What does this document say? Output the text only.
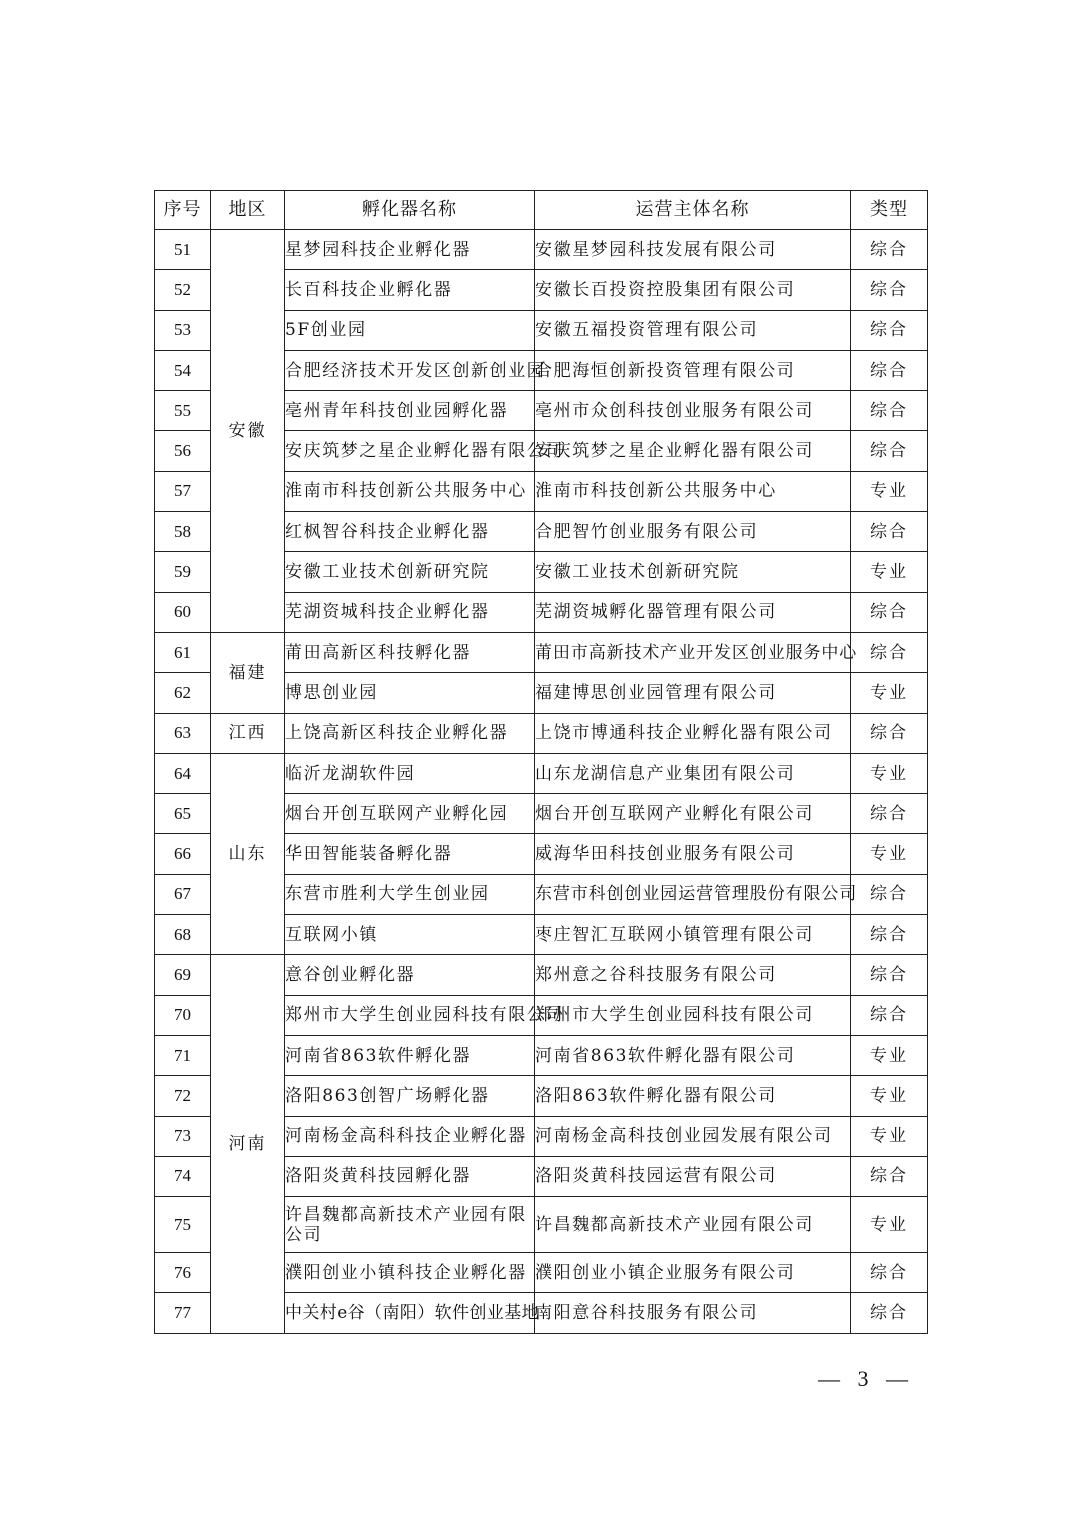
序号	地区	孵化器名称	运营主体名称	类型
51	安徽	星梦园科技企业孵化器	安徽星梦园科技发展有限公司	综合
52		长百科技企业孵化器	安徽长百投资控股集团有限公司	综合
53		5F创业园	安徽五福投资管理有限公司	综合
54		合肥经济技术开发区创新创业园	合肥海恒创新投资管理有限公司	综合
55		亳州青年科技创业园孵化器	亳州市众创科技创业服务有限公司	综合
56		安庆筑梦之星企业孵化器有限公司	安庆筑梦之星企业孵化器有限公司	综合
57		淮南市科技创新公共服务中心	淮南市科技创新公共服务中心	专业
58		红枫智谷科技企业孵化器	合肥智竹创业服务有限公司	综合
59		安徽工业技术创新研究院	安徽工业技术创新研究院	专业
60		芜湖资城科技企业孵化器	芜湖资城孵化器管理有限公司	综合
61	福建	莆田高新区科技孵化器	莆田市高新技术产业开发区创业服务中心	综合
62		博思创业园	福建博思创业园管理有限公司	专业
63	江西	上饶高新区科技企业孵化器	上饶市博通科技企业孵化器有限公司	综合
64	山东	临沂龙湖软件园	山东龙湖信息产业集团有限公司	专业
65		烟台开创互联网产业孵化园	烟台开创互联网产业孵化有限公司	综合
66		华田智能装备孵化器	威海华田科技创业服务有限公司	专业
67		东营市胜利大学生创业园	东营市科创创业园运营管理股份有限公司	综合
68		互联网小镇	枣庄智汇互联网小镇管理有限公司	综合
69	河南	意谷创业孵化器	郑州意之谷科技服务有限公司	综合
70		郑州市大学生创业园科技有限公司	郑州市大学生创业园科技有限公司	综合
71		河南省863软件孵化器	河南省863软件孵化器有限公司	专业
72		洛阳863创智广场孵化器	洛阳863软件孵化器有限公司	专业
73		河南杨金高科科技企业孵化器	河南杨金高科技创业园发展有限公司	专业
74		洛阳炎黄科技园孵化器	洛阳炎黄科技园运营有限公司	综合
75		许昌魏都高新技术产业园有限公司	许昌魏都高新技术产业园有限公司	专业
76		濮阳创业小镇科技企业孵化器	濮阳创业小镇企业服务有限公司	综合
77		中关村e谷（南阳）软件创业基地	南阳意谷科技服务有限公司	综合
— 3 —
